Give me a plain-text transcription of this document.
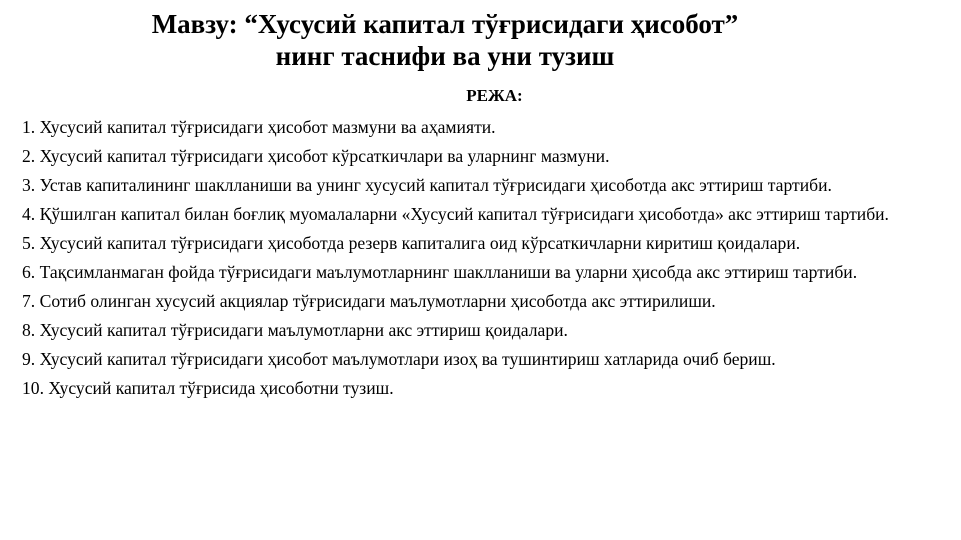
Мавзу: “Хусусий капитал тўғрисидаги ҳисобот”
нинг таснифи ва уни тузиш
РЕЖА:
1. Хусусий капитал тўғрисидаги ҳисобот мазмуни ва аҳамияти.
2. Хусусий капитал тўғрисидаги ҳисобот кўрсаткичлари ва уларнинг мазмуни.
3. Устав капиталининг шаклланиши ва унинг хусусий капитал тўғрисидаги ҳисоботда акс эттириш тартиби.
4. Қўшилган капитал билан боғлиқ муомалаларни «Хусусий капитал тўғрисидаги ҳисоботда» акс эттириш тартиби.
5. Хусусий капитал тўғрисидаги ҳисоботда резерв капиталига оид кўрсаткичларни киритиш қоидалари.
6. Тақсимланмаган фойда тўғрисидаги маълумотларнинг шаклланиши ва уларни ҳисобда акс эттириш тартиби.
7. Сотиб олинган хусусий акциялар тўғрисидаги маълумотларни ҳисоботда акс эттирилиши.
8. Хусусий капитал тўғрисидаги маълумотларни акс эттириш қоидалари.
9. Хусусий капитал тўғрисидаги ҳисобот маълумотлари изоҳ ва тушинтириш хатларида очиб бериш.
10. Хусусий капитал тўғрисида ҳисоботни тузиш.
